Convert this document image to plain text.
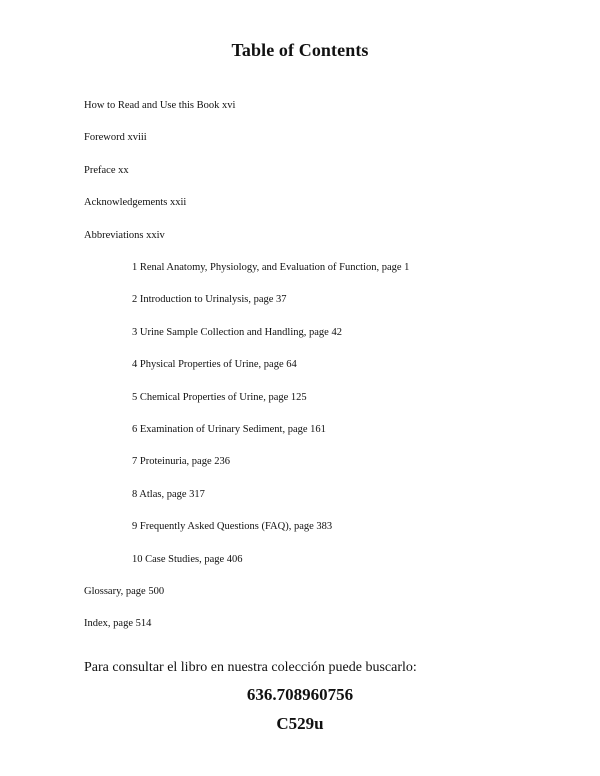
Table of Contents
How to Read and Use this Book xvi
Foreword xviii
Preface xx
Acknowledgements xxii
Abbreviations xxiv
1 Renal Anatomy, Physiology, and Evaluation of Function, page 1
2 Introduction to Urinalysis, page 37
3 Urine Sample Collection and Handling, page 42
4 Physical Properties of Urine, page 64
5 Chemical Properties of Urine, page 125
6 Examination of Urinary Sediment, page 161
7 Proteinuria, page 236
8 Atlas, page 317
9 Frequently Asked Questions (FAQ), page 383
10 Case Studies, page 406
Glossary, page 500
Index, page 514
Para consultar el libro en nuestra colección puede buscarlo:
636.708960756
C529u
